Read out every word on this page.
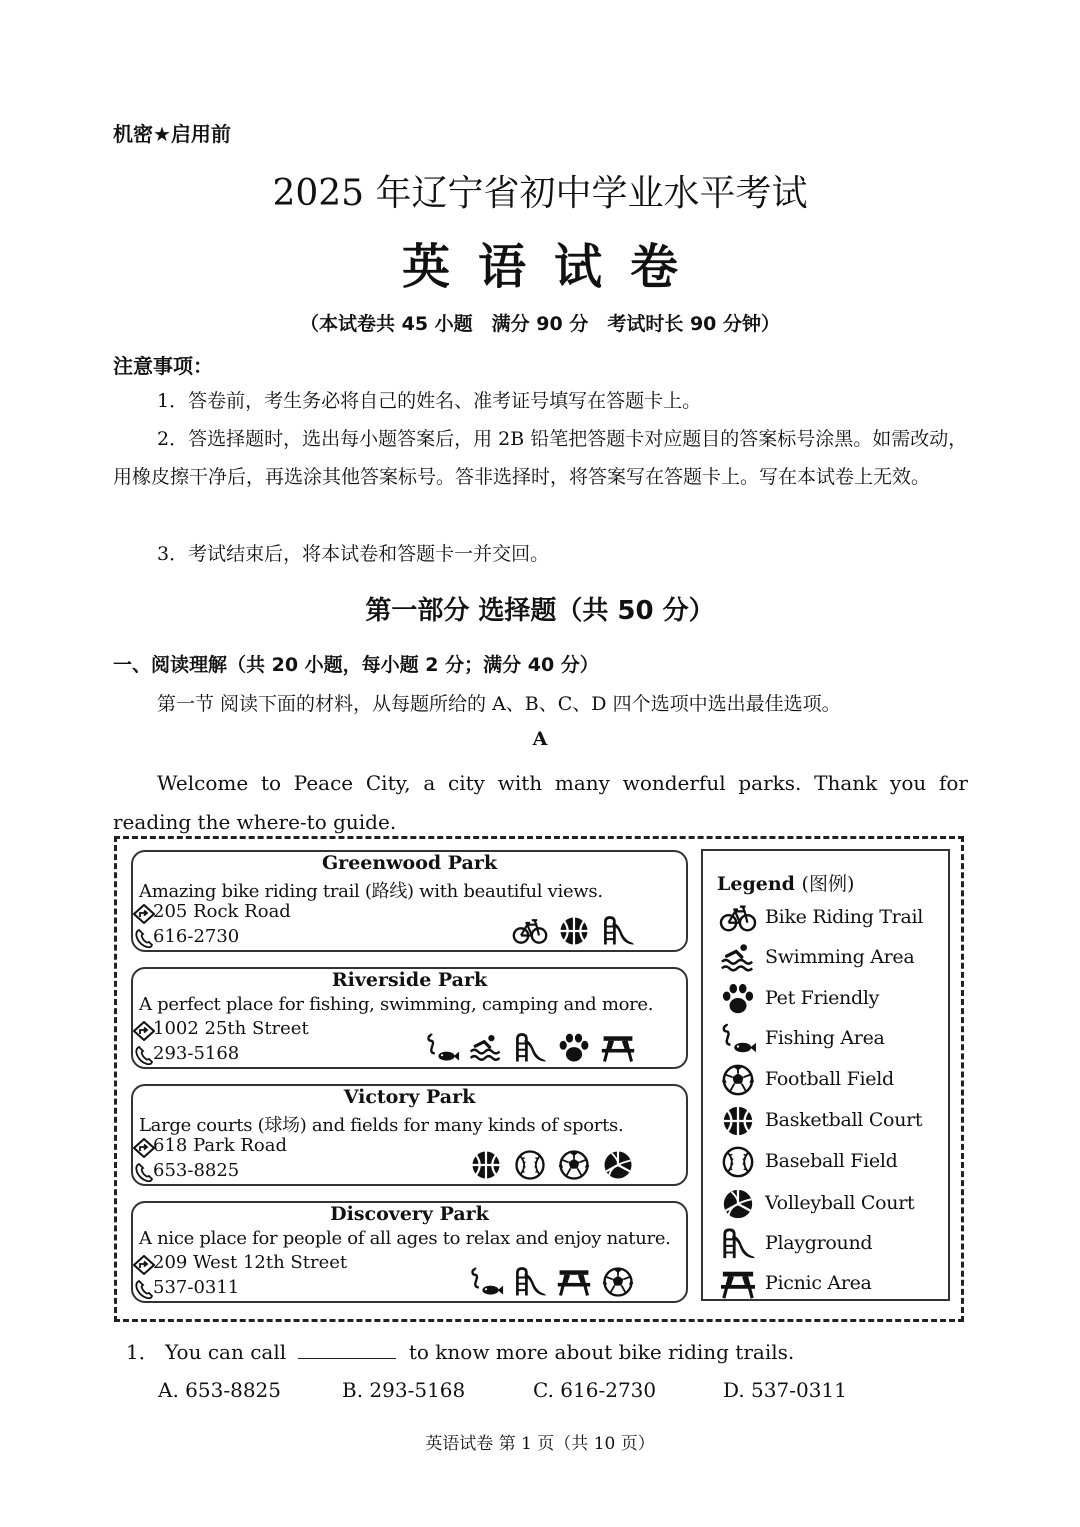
机密★启用前
2025 年辽宁省初中学业水平考试
英语试卷
（本试卷共 45 小题　满分 90 分　考试时长 90 分钟）
注意事项：
1．答卷前，考生务必将自己的姓名、准考证号填写在答题卡上。
2．答选择题时，选出每小题答案后，用 2B 铅笔把答题卡对应题目的答案标号涂黑。如需改动，用橡皮擦干净后，再选涂其他答案标号。答非选择时，将答案写在答题卡上。写在本试卷上无效。
3．考试结束后，将本试卷和答题卡一并交回。
第一部分 选择题（共 50 分）
一、阅读理解（共 20 小题，每小题 2 分；满分 40 分）
第一节 阅读下面的材料，从每题所给的 A、B、C、D 四个选项中选出最佳选项。
A
Welcome to Peace City, a city with many wonderful parks. Thank you for reading the where-to guide.
Greenwood Park
Amazing bike riding trail (路线) with beautiful views.
205 Rock Road
616-2730
Riverside Park
A perfect place for fishing, swimming, camping and more.
1002 25th Street
293-5168
Victory Park
Large courts (球场) and fields for many kinds of sports.
618 Park Road
653-8825
Discovery Park
A nice place for people of all ages to relax and enjoy nature.
209 West 12th Street
537-0311
Legend (图例)
Bike Riding Trail
Swimming Area
Pet Friendly
Fishing Area
Football Field
Basketball Court
Baseball Field
Volleyball Court
Playground
Picnic Area
1． You can call	to know more about bike riding trails.
A. 653-8825	B. 293-5168	C. 616-2730	D. 537-0311
英语试卷 第 1 页（共 10 页）
